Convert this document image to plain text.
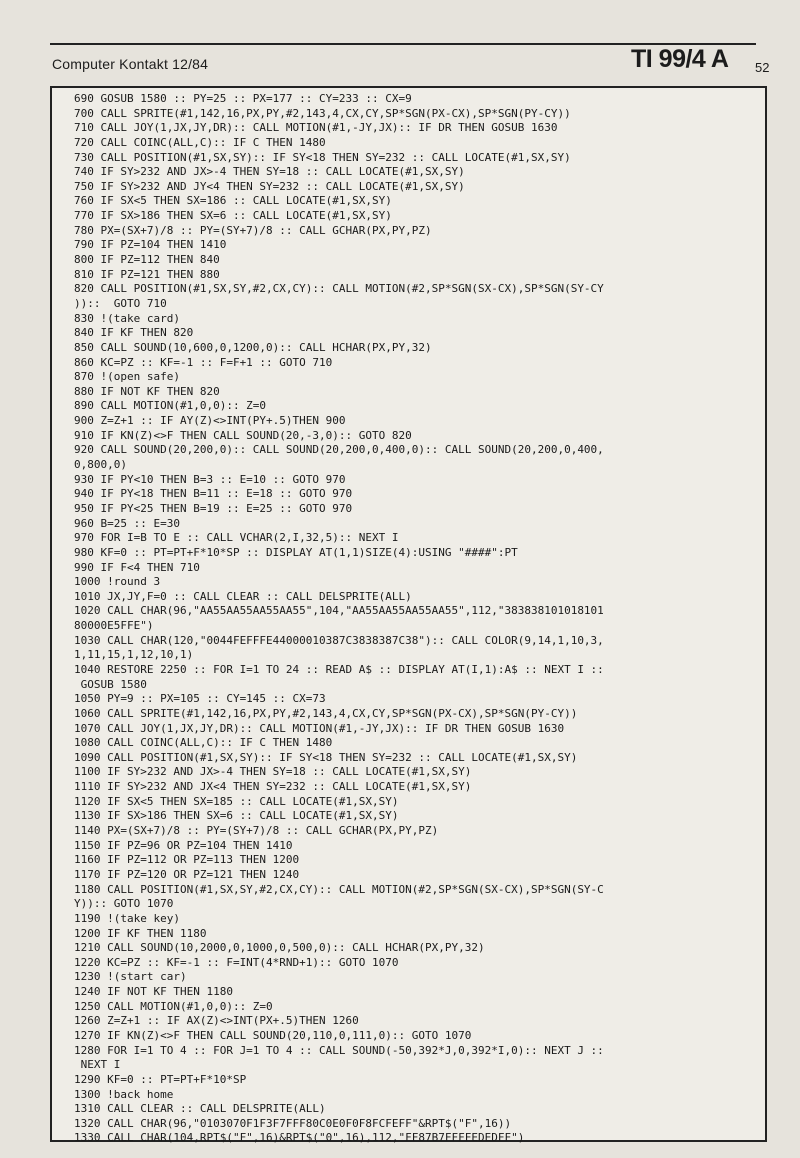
Computer Kontakt 12/84	TI 99/4 A 52
690 GOSUB 1580 :: PY=25 :: PX=177 :: CY=233 :: CX=9
700 CALL SPRITE(#1,142,16,PX,PY,#2,143,4,CX,CY,SP*SGN(PX-CX),SP*SGN(PY-CY))
710 CALL JOY(1,JX,JY,DR):: CALL MOTION(#1,-JY,JX):: IF DR THEN GOSUB 1630
720 CALL COINC(ALL,C):: IF C THEN 1480
730 CALL POSITION(#1,SX,SY):: IF SY<18 THEN SY=232 :: CALL LOCATE(#1,SX,SY)
740 IF SY>232 AND JX>-4 THEN SY=18 :: CALL LOCATE(#1,SX,SY)
750 IF SY>232 AND JY<4 THEN SY=232 :: CALL LOCATE(#1,SX,SY)
760 IF SX<5 THEN SX=186 :: CALL LOCATE(#1,SX,SY)
770 IF SX>186 THEN SX=6 :: CALL LOCATE(#1,SX,SY)
780 PX=(SX+7)/8 :: PY=(SY+7)/8 :: CALL GCHAR(PX,PY,PZ)
790 IF PZ=104 THEN 1410
800 IF PZ=112 THEN 840
810 IF PZ=121 THEN 880
820 CALL POSITION(#1,SX,SY,#2,CX,CY):: CALL MOTION(#2,SP*SGN(SX-CX),SP*SGN(SY-CY
))::  GOTO 710
830 !(take card)
840 IF KF THEN 820
850 CALL SOUND(10,600,0,1200,0):: CALL HCHAR(PX,PY,32)
860 KC=PZ :: KF=-1 :: F=F+1 :: GOTO 710
870 !(open safe)
880 IF NOT KF THEN 820
890 CALL MOTION(#1,0,0):: Z=0
900 Z=Z+1 :: IF AY(Z)<>INT(PY+.5)THEN 900
910 IF KN(Z)<>F THEN CALL SOUND(20,-3,0):: GOTO 820
920 CALL SOUND(20,200,0):: CALL SOUND(20,200,0,400,0):: CALL SOUND(20,200,0,400,
0,800,0)
930 IF PY<10 THEN B=3 :: E=10 :: GOTO 970
940 IF PY<18 THEN B=11 :: E=18 :: GOTO 970
950 IF PY<25 THEN B=19 :: E=25 :: GOTO 970
960 B=25 :: E=30
970 FOR I=B TO E :: CALL VCHAR(2,I,32,5):: NEXT I
980 KF=0 :: PT=PT+F*10*SP :: DISPLAY AT(1,1)SIZE(4):USING "####":PT
990 IF F<4 THEN 710
1000 !round 3
1010 JX,JY,F=0 :: CALL CLEAR :: CALL DELSPRITE(ALL)
1020 CALL CHAR(96,"AA55AA55AA55AA55",104,"AA55AA55AA55AA55",112,"383838101018101
80000E5FFE")
1030 CALL CHAR(120,"0044FEFFFE44000010387C3838387C38"):: CALL COLOR(9,14,1,10,3,
1,11,15,1,12,10,1)
1040 RESTORE 2250 :: FOR I=1 TO 24 :: READ A$ :: DISPLAY AT(I,1):A$ :: NEXT I ::
GOSUB 1580
1050 PY=9 :: PX=105 :: CY=145 :: CX=73
1060 CALL SPRITE(#1,142,16,PX,PY,#2,143,4,CX,CY,SP*SGN(PX-CX),SP*SGN(PY-CY))
1070 CALL JOY(1,JX,JY,DR):: CALL MOTION(#1,-JY,JX):: IF DR THEN GOSUB 1630
1080 CALL COINC(ALL,C):: IF C THEN 1480
1090 CALL POSITION(#1,SX,SY):: IF SY<18 THEN SY=232 :: CALL LOCATE(#1,SX,SY)
1100 IF SY>232 AND JX>-4 THEN SY=18 :: CALL LOCATE(#1,SX,SY)
1110 IF SY>232 AND JX<4 THEN SY=232 :: CALL LOCATE(#1,SX,SY)
1120 IF SX<5 THEN SX=185 :: CALL LOCATE(#1,SX,SY)
1130 IF SX>186 THEN SX=6 :: CALL LOCATE(#1,SX,SY)
1140 PX=(SX+7)/8 :: PY=(SY+7)/8 :: CALL GCHAR(PX,PY,PZ)
1150 IF PZ=96 OR PZ=104 THEN 1410
1160 IF PZ=112 OR PZ=113 THEN 1200
1170 IF PZ=120 OR PZ=121 THEN 1240
1180 CALL POSITION(#1,SX,SY,#2,CX,CY):: CALL MOTION(#2,SP*SGN(SX-CX),SP*SGN(SY-C
Y)):: GOTO 1070
1190 !(take key)
1200 IF KF THEN 1180
1210 CALL SOUND(10,2000,0,1000,0,500,0):: CALL HCHAR(PX,PY,32)
1220 KC=PZ :: KF=-1 :: F=INT(4*RND+1):: GOTO 1070
1230 !(start car)
1240 IF NOT KF THEN 1180
1250 CALL MOTION(#1,0,0):: Z=0
1260 Z=Z+1 :: IF AX(Z)<>INT(PX+.5)THEN 1260
1270 IF KN(Z)<>F THEN CALL SOUND(20,110,0,111,0):: GOTO 1070
1280 FOR I=1 TO 4 :: FOR J=1 TO 4 :: CALL SOUND(-50,392*J,0,392*I,0):: NEXT J ::
NEXT I
1290 KF=0 :: PT=PT+F*10*SP
1300 !back home
1310 CALL CLEAR :: CALL DELSPRITE(ALL)
1320 CALL CHAR(96,"0103070F1F3F7FFF80C0E0F0F8FCFEFF"&RPT$("F",16))
1330 CALL CHAR(104,RPT$("F",16)&RPT$("0",16),112,"FF87B7FFFFEDEDFF")
